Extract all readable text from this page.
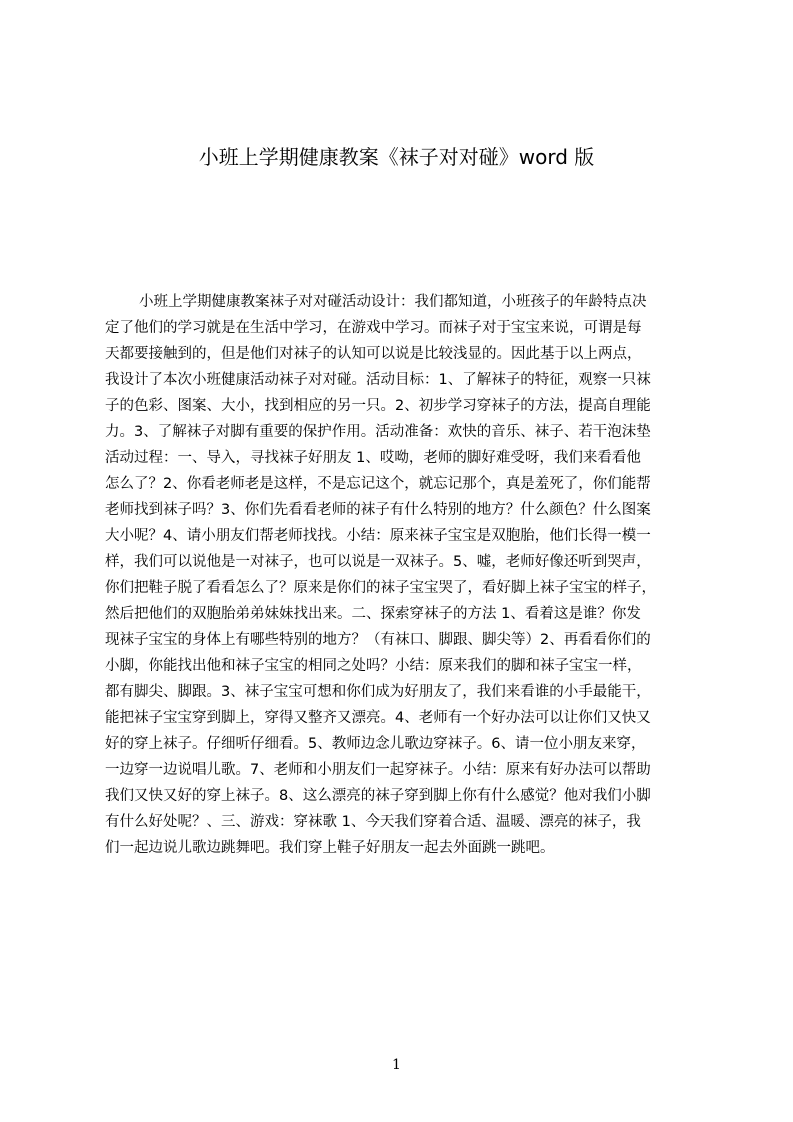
小班上学期健康教案《袜子对对碰》word 版
小班上学期健康教案袜子对对碰活动设计：我们都知道，小班孩子的年龄特点决
定了他们的学习就是在生活中学习，在游戏中学习。而袜子对于宝宝来说，可谓是每
天都要接触到的，但是他们对袜子的认知可以说是比较浅显的。因此基于以上两点，
我设计了本次小班健康活动袜子对对碰。活动目标：1、了解袜子的特征，观察一只袜
子的色彩、图案、大小，找到相应的另一只。2、初步学习穿袜子的方法，提高自理能
力。3、了解袜子对脚有重要的保护作用。活动准备：欢快的音乐、袜子、若干泡沫垫
活动过程：一、导入，寻找袜子好朋友 1、哎呦，老师的脚好难受呀，我们来看看他
怎么了？2、你看老师老是这样，不是忘记这个，就忘记那个，真是羞死了，你们能帮
老师找到袜子吗？3、你们先看看老师的袜子有什么特别的地方？什么颜色？什么图案
大小呢？4、请小朋友们帮老师找找。小结：原来袜子宝宝是双胞胎，他们长得一模一
样，我们可以说他是一对袜子，也可以说是一双袜子。5、嘘，老师好像还听到哭声，
你们把鞋子脱了看看怎么了？原来是你们的袜子宝宝哭了，看好脚上袜子宝宝的样子，
然后把他们的双胞胎弟弟妹妹找出来。二、探索穿袜子的方法 1、看着这是谁？你发
现袜子宝宝的身体上有哪些特别的地方？（有袜口、脚跟、脚尖等）2、再看看你们的
小脚，你能找出他和袜子宝宝的相同之处吗？小结：原来我们的脚和袜子宝宝一样，
都有脚尖、脚跟。3、袜子宝宝可想和你们成为好朋友了，我们来看谁的小手最能干，
能把袜子宝宝穿到脚上，穿得又整齐又漂亮。4、老师有一个好办法可以让你们又快又
好的穿上袜子。仔细听仔细看。5、教师边念儿歌边穿袜子。6、请一位小朋友来穿，
一边穿一边说唱儿歌。7、老师和小朋友们一起穿袜子。小结：原来有好办法可以帮助
我们又快又好的穿上袜子。8、这么漂亮的袜子穿到脚上你有什么感觉？他对我们小脚
有什么好处呢？、三、游戏：穿袜歌 1、今天我们穿着合适、温暖、漂亮的袜子，我
们一起边说儿歌边跳舞吧。我们穿上鞋子好朋友一起去外面跳一跳吧。
1
